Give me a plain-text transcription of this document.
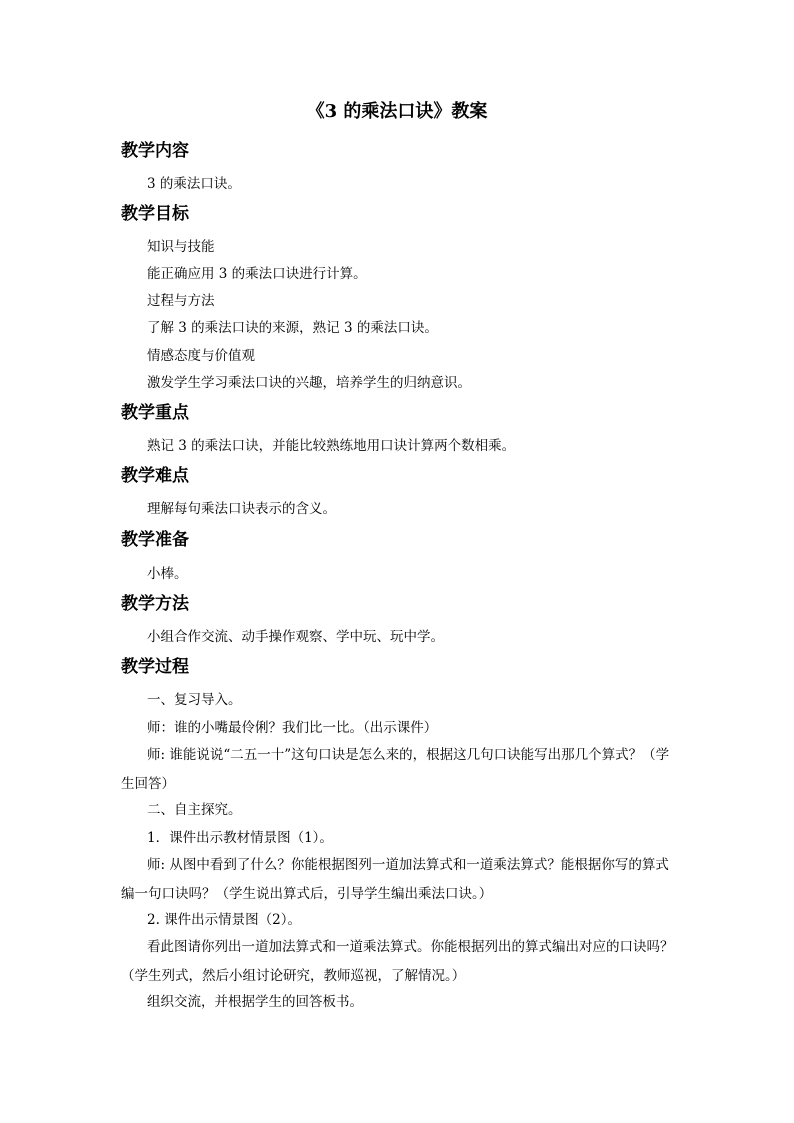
《3 的乘法口诀》教案
教学内容
3 的乘法口诀。
教学目标
知识与技能
能正确应用 3 的乘法口诀进行计算。
过程与方法
了解 3 的乘法口诀的来源，熟记 3 的乘法口诀。
情感态度与价值观
激发学生学习乘法口诀的兴趣，培养学生的归纳意识。
教学重点
熟记 3 的乘法口诀，并能比较熟练地用口诀计算两个数相乘。
教学难点
理解每句乘法口诀表示的含义。
教学准备
小棒。
教学方法
小组合作交流、动手操作观察、学中玩、玩中学。
教学过程
一、复习导入。
师：谁的小嘴最伶俐？我们比一比。（出示课件）
师: 谁能说说“二五一十”这句口诀是怎么来的，根据这几句口诀能写出那几个算式？（学生回答）
二、自主探究。
1．课件出示教材情景图（1）。
师: 从图中看到了什么？你能根据图列一道加法算式和一道乘法算式？能根据你写的算式编一句口诀吗？（学生说出算式后，引导学生编出乘法口诀。）
2. 课件出示情景图（2）。
看此图请你列出一道加法算式和一道乘法算式。你能根据列出的算式编出对应的口诀吗？（学生列式，然后小组讨论研究，教师巡视，了解情况。）
组织交流，并根据学生的回答板书。
